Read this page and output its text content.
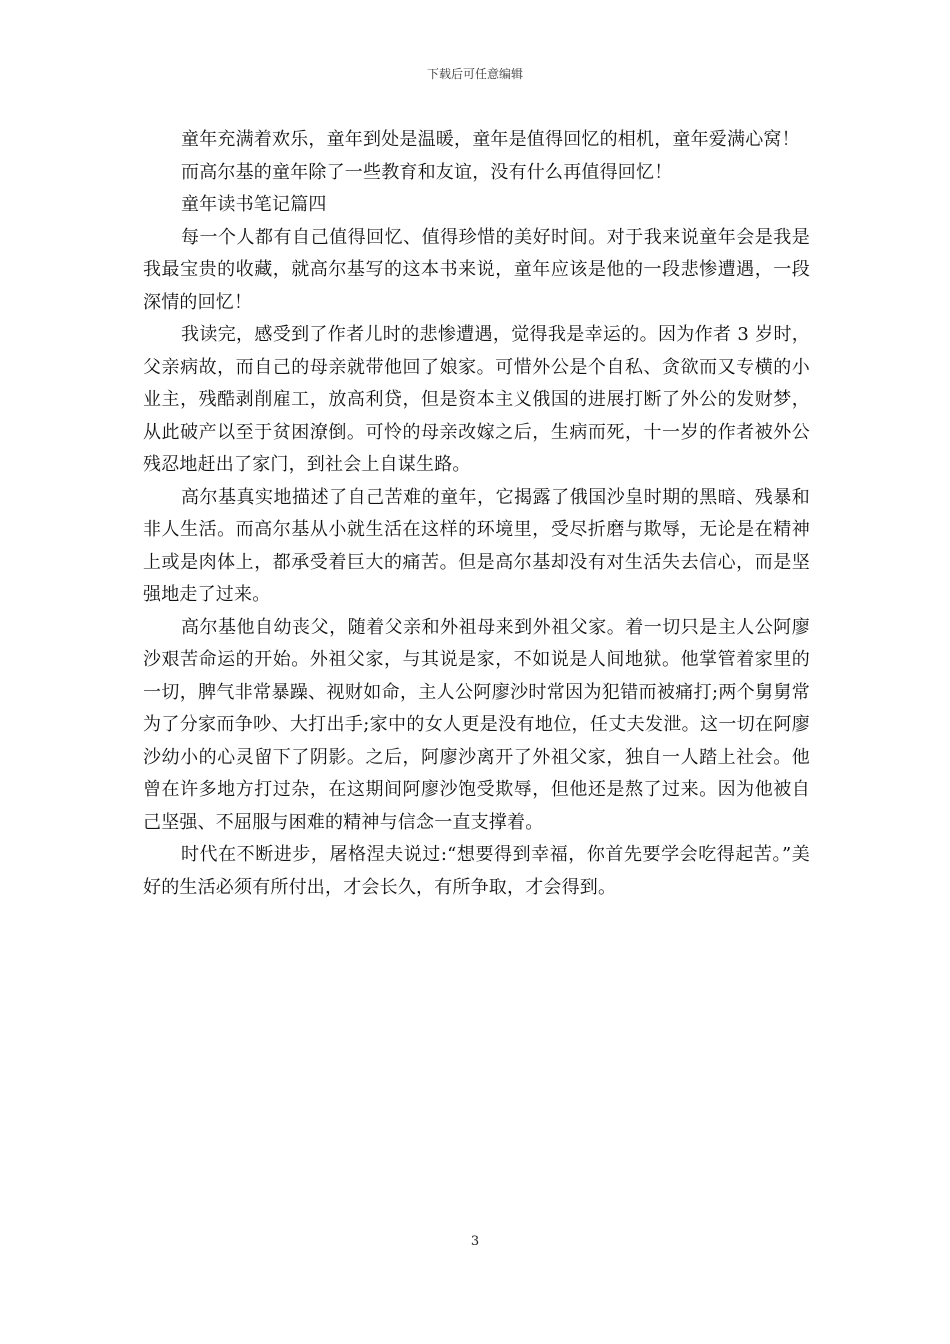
下载后可任意编辑

童年充满着欢乐，童年到处是温暖，童年是值得回忆的相机，童年爱满心窝！

而高尔基的童年除了一些教育和友谊，没有什么再值得回忆！

童年读书笔记篇四

每一个人都有自己值得回忆、值得珍惜的美好时间。对于我来说童年会是我是我最宝贵的收藏，就高尔基写的这本书来说，童年应该是他的一段悲惨遭遇，一段深情的回忆！

我读完，感受到了作者儿时的悲惨遭遇，觉得我是幸运的。因为作者 3 岁时，父亲病故，而自己的母亲就带他回了娘家。可惜外公是个自私、贪欲而又专横的小业主，残酷剥削雇工，放高利贷，但是资本主义俄国的进展打断了外公的发财梦，从此破产以至于贫困潦倒。可怜的母亲改嫁之后，生病而死，十一岁的作者被外公残忍地赶出了家门，到社会上自谋生路。

高尔基真实地描述了自己苦难的童年，它揭露了俄国沙皇时期的黑暗、残暴和非人生活。而高尔基从小就生活在这样的环境里，受尽折磨与欺辱，无论是在精神上或是肉体上，都承受着巨大的痛苦。但是高尔基却没有对生活失去信心，而是坚强地走了过来。

高尔基他自幼丧父，随着父亲和外祖母来到外祖父家。着一切只是主人公阿廖沙艰苦命运的开始。外祖父家，与其说是家，不如说是人间地狱。他掌管着家里的一切，脾气非常暴躁、视财如命，主人公阿廖沙时常因为犯错而被痛打;两个舅舅常为了分家而争吵、大打出手;家中的女人更是没有地位，任丈夫发泄。这一切在阿廖沙幼小的心灵留下了阴影。之后，阿廖沙离开了外祖父家，独自一人踏上社会。他曾在许多地方打过杂，在这期间阿廖沙饱受欺辱，但他还是熬了过来。因为他被自己坚强、不屈服与困难的精神与信念一直支撑着。

时代在不断进步，屠格涅夫说过:“想要得到幸福，你首先要学会吃得起苦。”美好的生活必须有所付出，才会长久，有所争取，才会得到。

3
